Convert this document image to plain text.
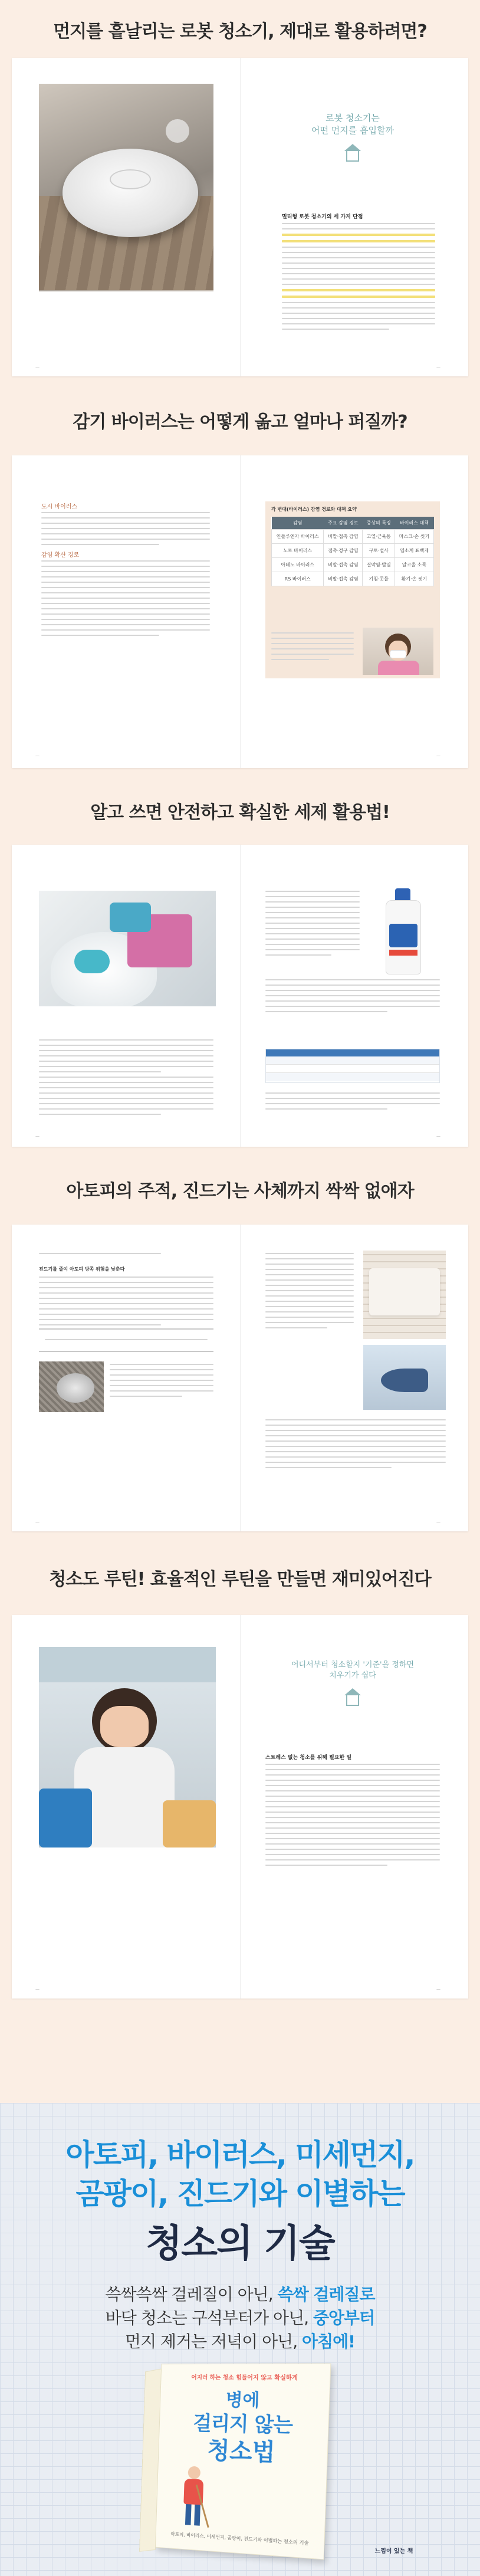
먼지를 흩날리는 로봇 청소기, 제대로 활용하려면?
로봇 청소기는
어떤 먼지를 흡입할까
멀티형 로봇 청소기의 세 가지 단점
—	—
감기 바이러스는 어떻게 옮고 얼마나 퍼질까?
도시 바이러스
감염 확산 경로
각 변대(바이러스) 감염 경로와 대책 요약
감염	주요 감염 경로	증상의 특징	바이러스 대책
인플루엔자 바이러스	비말·접촉 감염	고열·근육통	마스크·손 씻기
노로 바이러스	접촉·경구 감염	구토·설사	염소계 표백제
아데노 바이러스	비말·접촉 감염	결막염·발열	알코올 소독
RS 바이러스	비말·접촉 감염	기침·콧물	환기·손 씻기
—	—
알고 쓰면 안전하고 확실한 세제 활용법!
—	—
아토피의 주적, 진드기는 사체까지 싹싹 없애자
진드기를 줄여 아토피 방쪽 위험을 낮춘다
—	—
청소도 루틴! 효율적인 루틴을 만들면 재미있어진다
어디서부터 청소할지 '기준'을 정하면
치우기가 쉽다
스트레스 없는 청소를 위해 필요한 일
—	—
아토피, 바이러스, 미세먼지,
곰팡이, 진드기와 이별하는
청소의 기술
쓱싹쓱싹 걸레질이 아닌, 쓱싹 걸레질로
바닥 청소는 구석부터가 아닌, 중앙부터
먼지 제거는 저녁이 아닌, 아침에!
어지러 하는 청소 힘들어지 않고 확실하게
병에
걸리지 않는
청소법
아토피, 바이러스, 미세먼지, 곰팡이, 진드기와 이별하는 청소의 기술
느낌이 있는 책
